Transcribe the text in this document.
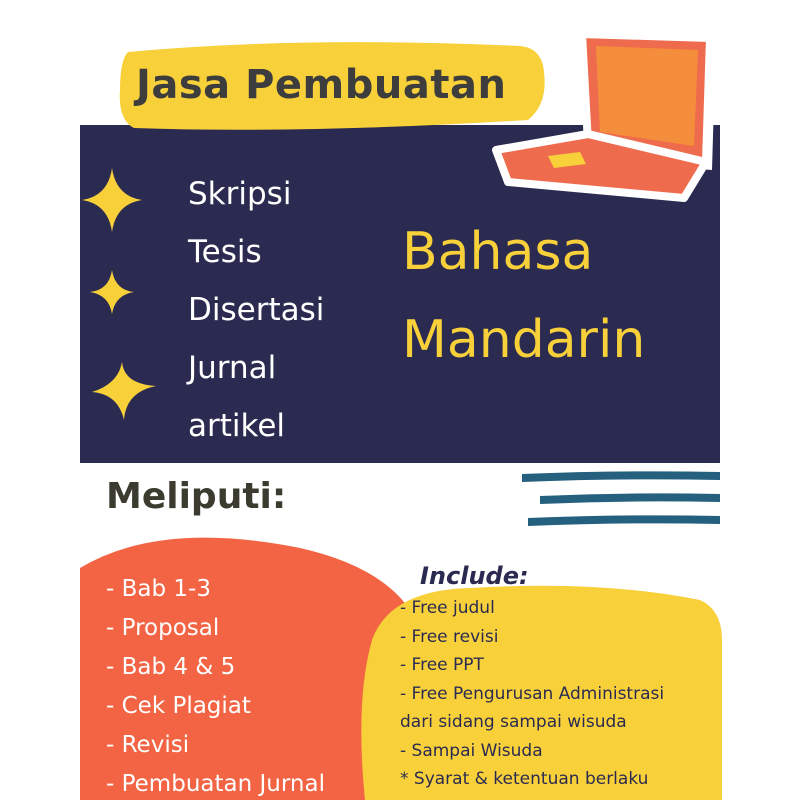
Jasa Pembuatan
Skripsi
Tesis
Disertasi
Jurnal
artikel
Bahasa
Mandarin
Meliputi:
- Bab 1-3
- Proposal
- Bab 4 & 5
- Cek Plagiat
- Revisi
- Pembuatan Jurnal
Include:
- Free judul
- Free revisi
- Free PPT
- Free Pengurusan Administrasi
dari sidang sampai wisuda
- Sampai Wisuda
* Syarat & ketentuan berlaku
